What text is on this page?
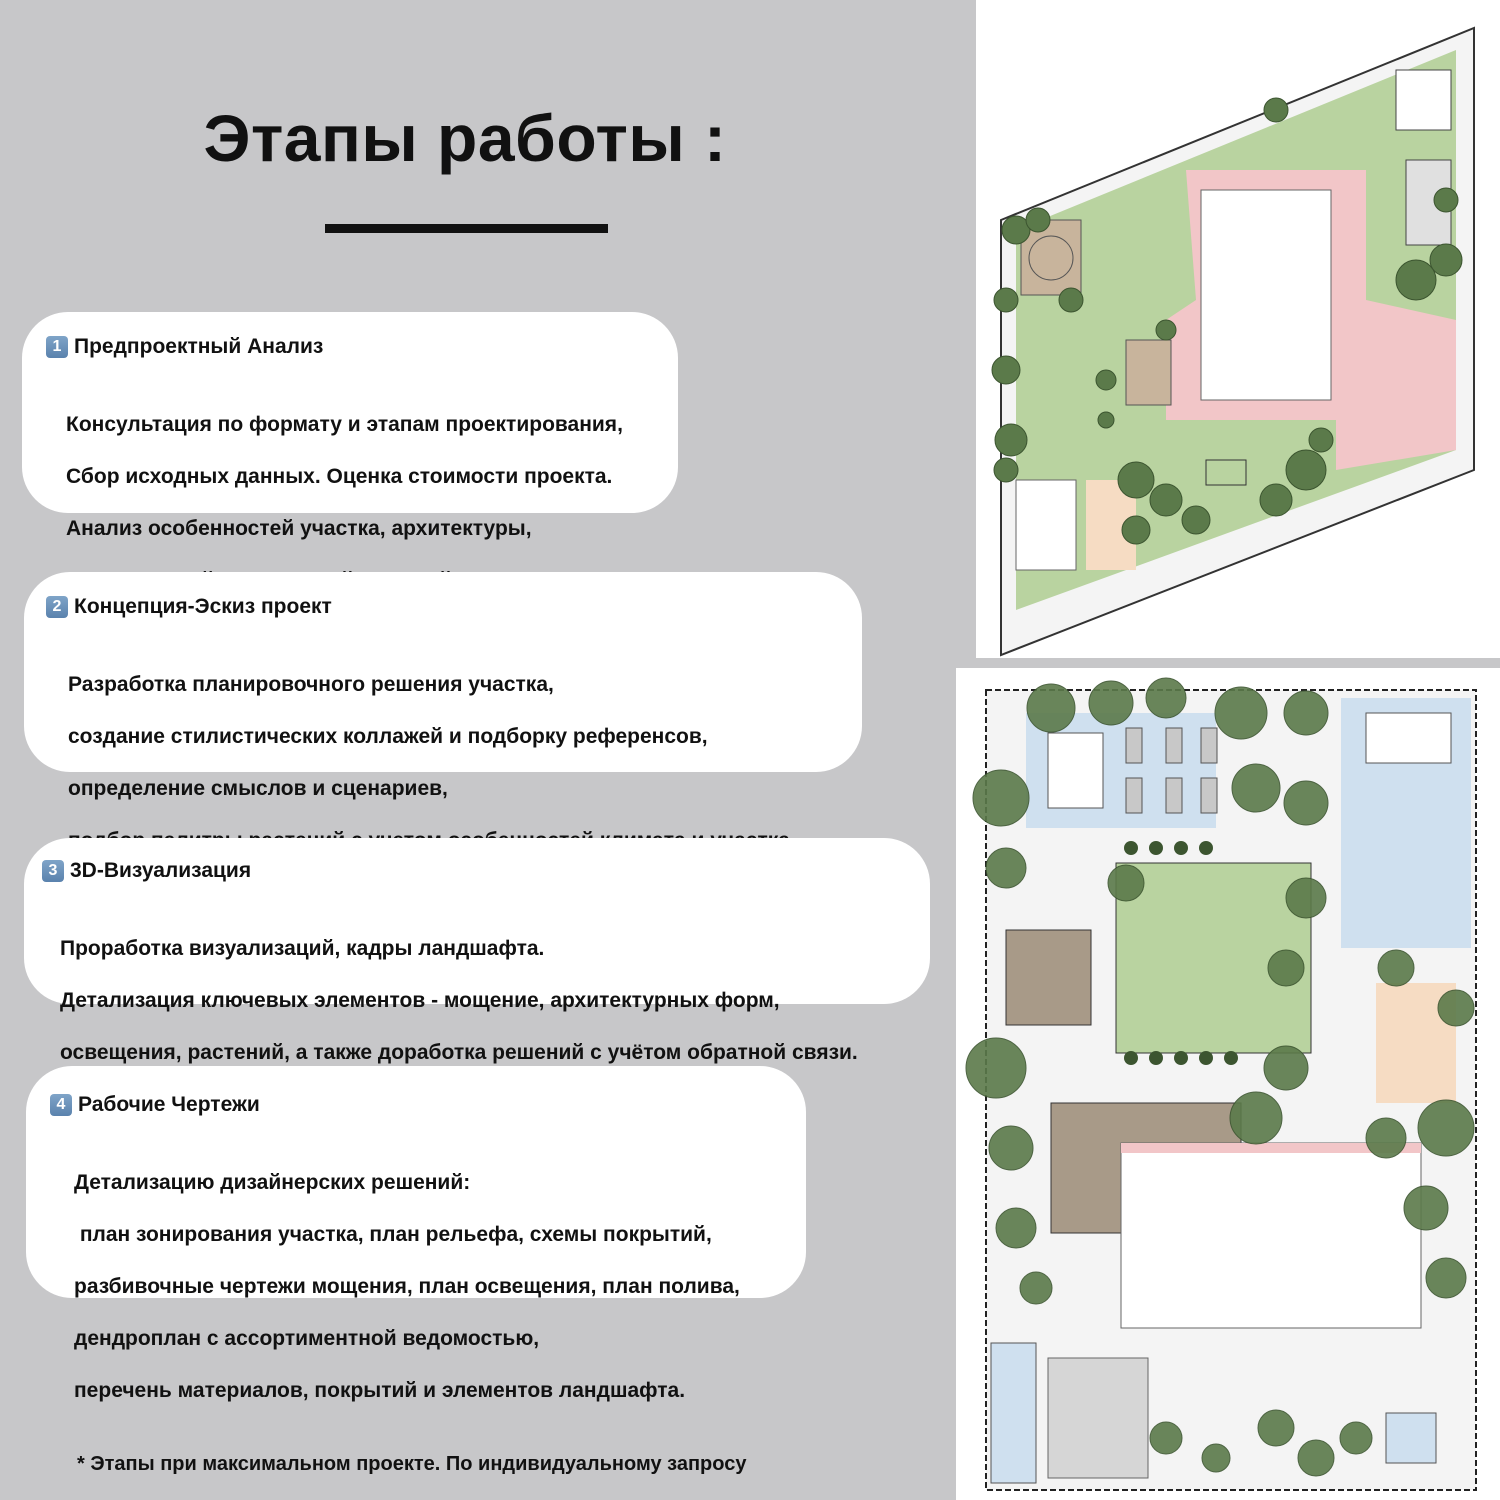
Этапы работы :
1 Предпроектный Анализ

Консультация по формату и этапам проектирования,

Сбор исходных данных. Оценка стоимости проекта.

Анализ особенностей участка, архитектуры,

2 Концепция-Эскиз проект

Разработка планировочного решения участка,

создание стилистических коллажей и подборку референсов,

определение смыслов и сценариев,

3 3D-Визуализация

Проработка визуализаций, кадры ландшафта.

Детализация ключевых элементов - мощение, архитектурных форм,

освещения, растений, а также доработка решений с учётом обратной связи.

4 Рабочие Чертежи

Детализацию дизайнерских решений:

план зонирования участка, план рельефа, схемы покрытий,

разбивочные чертежи мощения, план освещения, план полива,

дендроплан с ассортиментной ведомостью,

перечень материалов, покрытий и элементов ландшафта.

* Этапы при максимальном проекте. По индивидуальному запросу
